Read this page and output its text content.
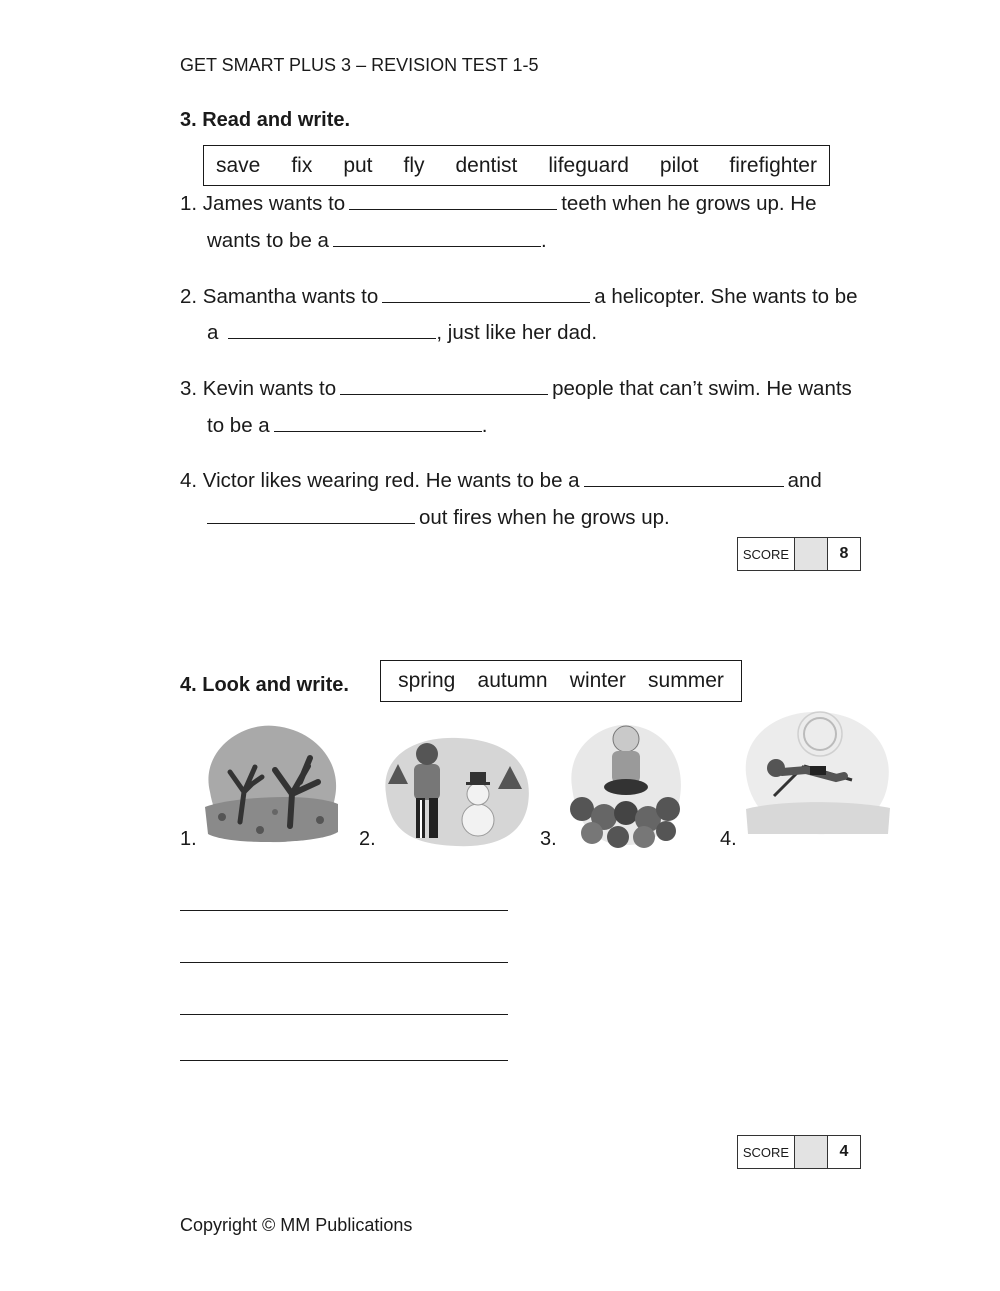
GET SMART PLUS 3 – REVISION TEST 1-5
3. Read and write.
save fix put fly dentist lifeguard pilot firefighter
1. James wants to	teeth when he grows up. He
wants to be a	.
2. Samantha wants to	a helicopter. She wants to be
a	, just like her dad.
3. Kevin wants to	people that can’t swim. He wants
to be a	.
4. Victor likes wearing red. He wants to be a	and
out fires when he grows up.
SCORE	8
4. Look and write. spring autumn winter summer
1.	2.	3.	4.
SCORE	4
Copyright © MM Publications
